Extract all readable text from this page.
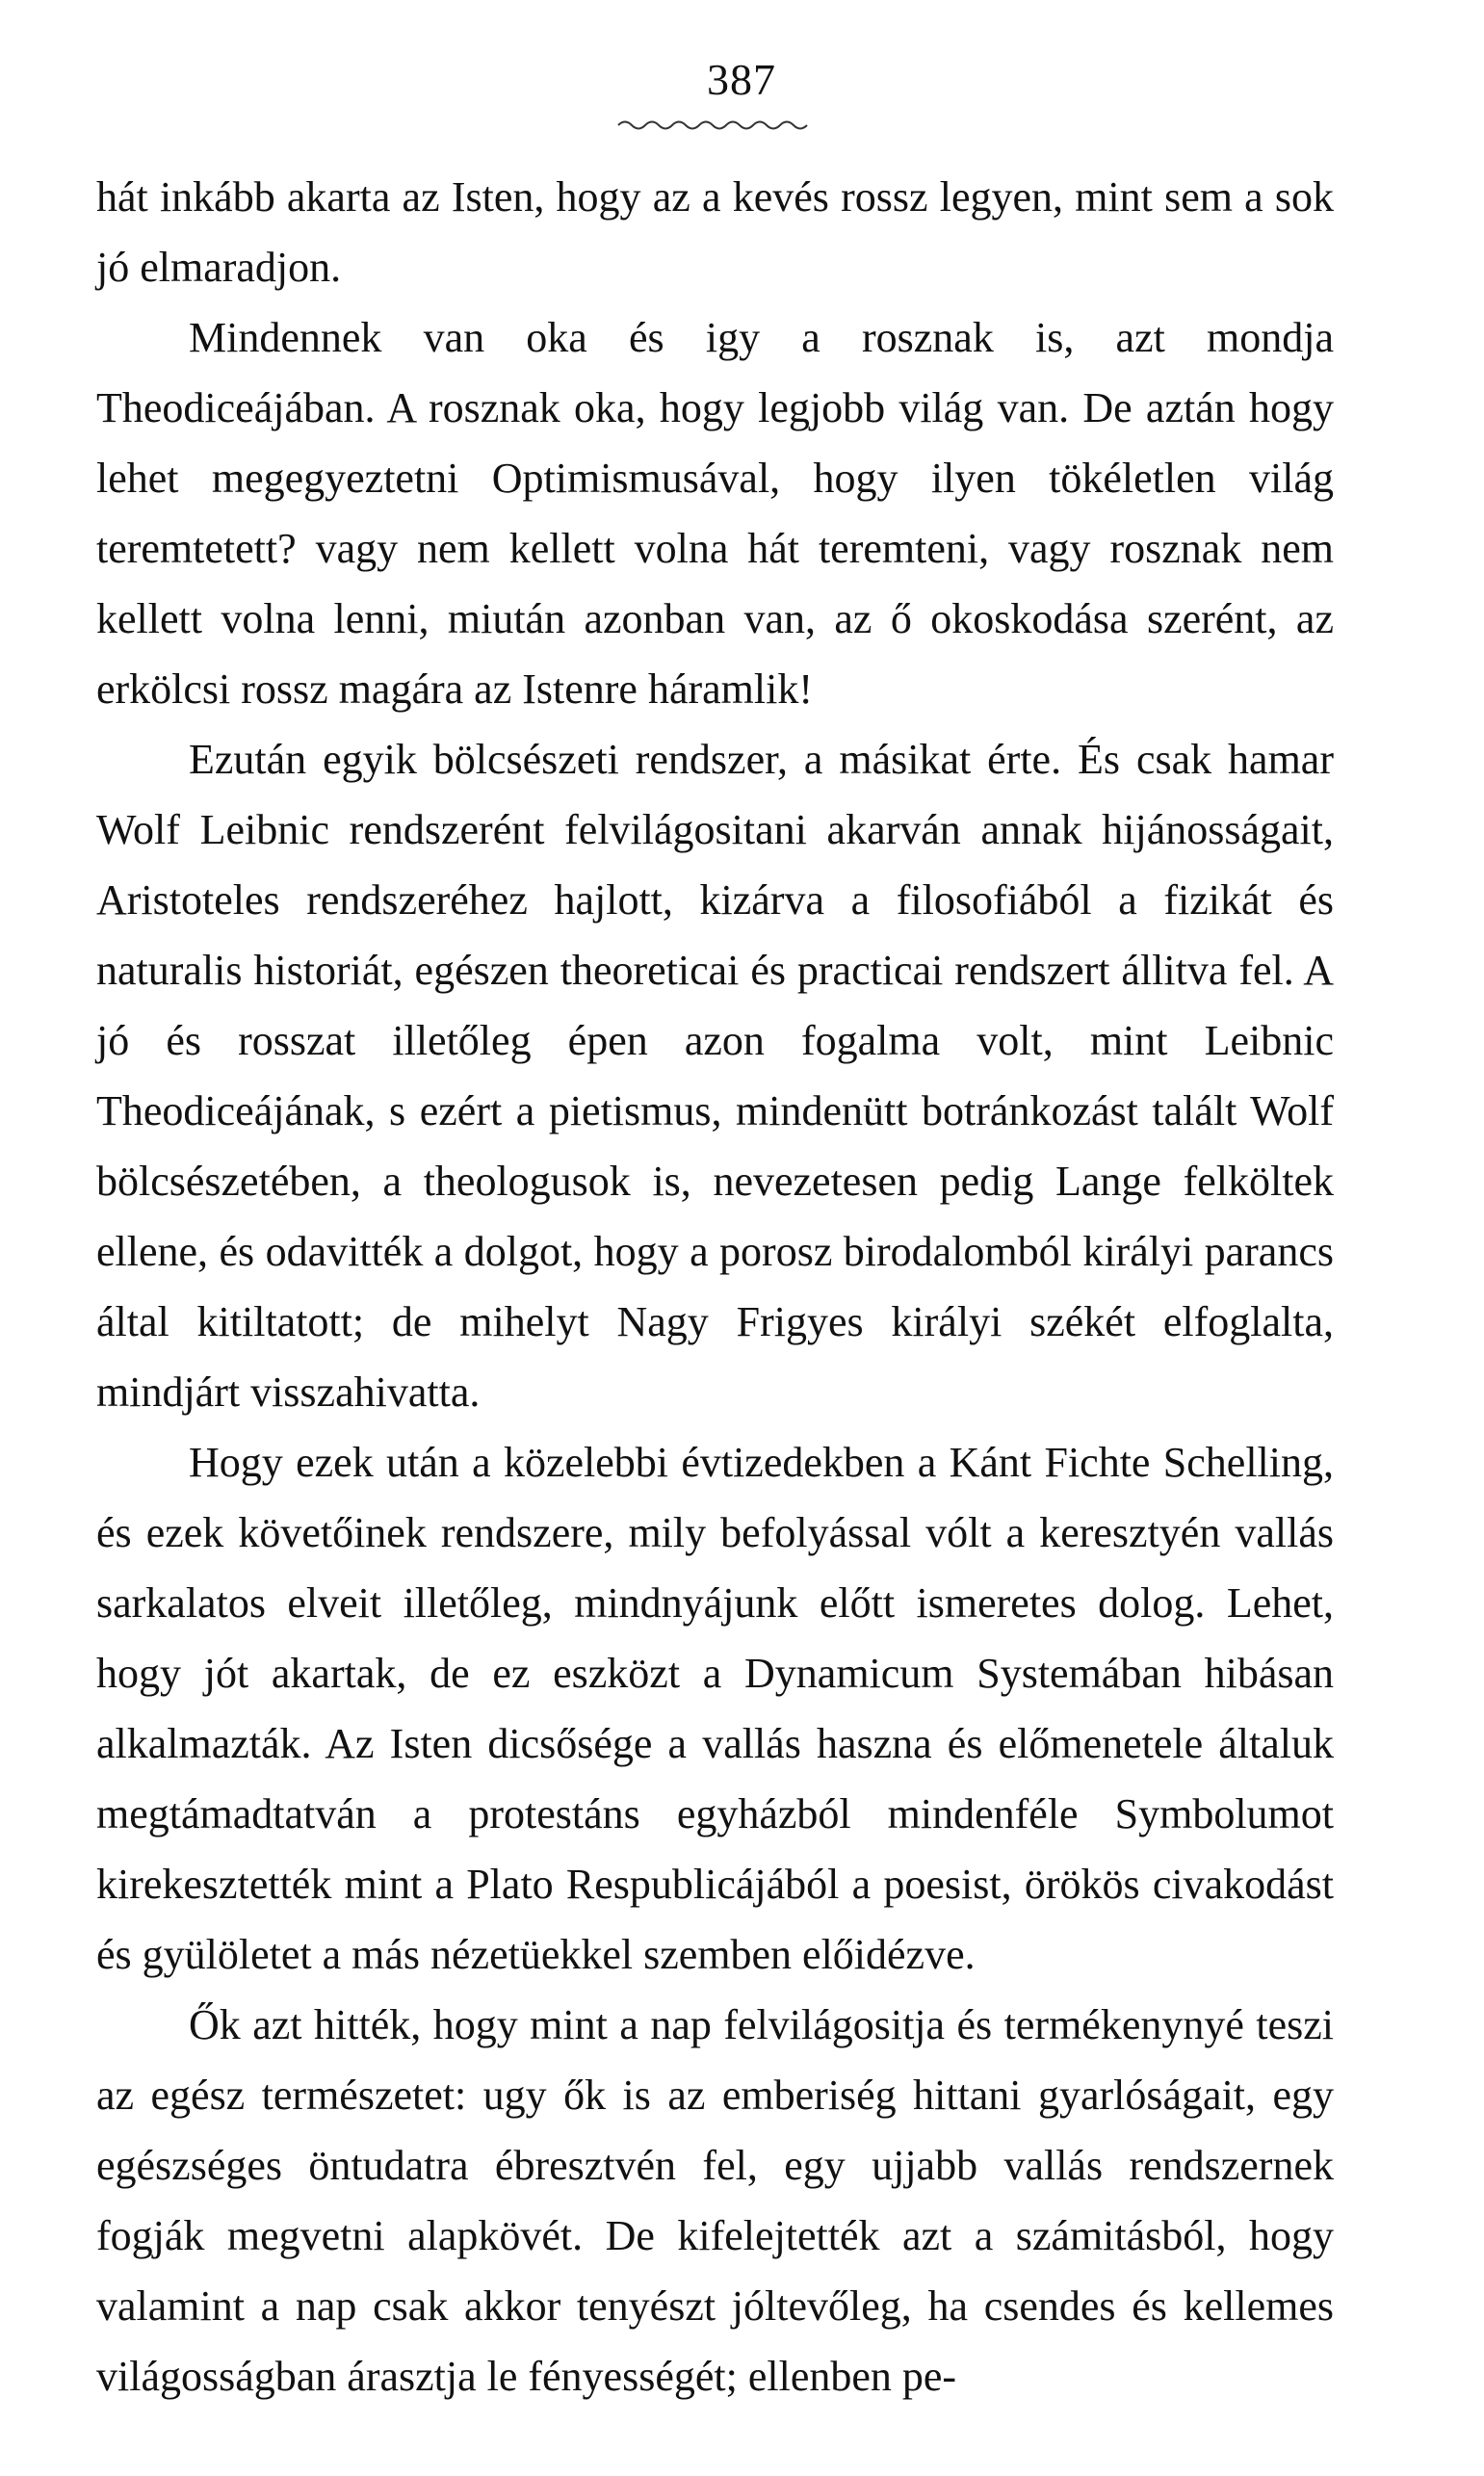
387

hát inkább akarta az Isten, hogy az a kevés rossz legyen, mint sem a sok jó elmaradjon.

Mindennek van oka és igy a rosznak is, azt mondja Theodiceájában. A rosznak oka, hogy legjobb világ van. De aztán hogy lehet megegyeztetni Optimismusával, hogy ilyen tökéletlen világ teremtetett? vagy nem kellett volna hát teremteni, vagy rosznak nem kellett volna lenni, miután azonban van, az ő okoskodása szerént, az erkölcsi rossz magára az Istenre háramlik!

Ezután egyik bölcsészeti rendszer, a másikat érte. És csak hamar Wolf Leibnic rendszerént felvilágositani akarván annak hijánosságait, Aristoteles rendszeréhez hajlott, kizárva a filosofiából a fizikát és naturalis historiát, egészen theoreticai és practicai rendszert állitva fel. A jó és rosszat illetőleg épen azon fogalma volt, mint Leibnic Theodiceájának, s ezért a pietismus, mindenütt botránkozást talált Wolf bölcsészetében, a theologusok is, nevezetesen pedig Lange felköltek ellene, és odavitték a dolgot, hogy a porosz birodalomból királyi parancs által kitiltatott; de mihelyt Nagy Frigyes királyi székét elfoglalta, mindjárt visszahivatta.

Hogy ezek után a közelebbi évtizedekben a Kánt Fichte Schelling, és ezek követőinek rendszere, mily befolyással vólt a keresztyén vallás sarkalatos elveit illetőleg, mindnyájunk előtt ismeretes dolog. Lehet, hogy jót akartak, de ez eszközt a Dynamicum Systemában hibásan alkalmazták. Az Isten dicsősége a vallás haszna és előmenetele általuk megtámadtatván a protestáns egyházból mindenféle Symbolumot kirekesztették mint a Plato Respublicájából a poesist, örökös civakodást és gyülöletet a más nézetüekkel szemben előidézve.

Ők azt hitték, hogy mint a nap felvilágositja és termékenynyé teszi az egész természetet: ugy ők is az emberiség hittani gyarlóságait, egy egészséges öntudatra ébresztvén fel, egy ujjabb vallás rendszernek fogják megvetni alapkövét. De kifelejtették azt a számitásból, hogy valamint a nap csak akkor tenyészt jóltevőleg, ha csendes és kellemes világosságban árasztja le fényességét; ellenben pe-
